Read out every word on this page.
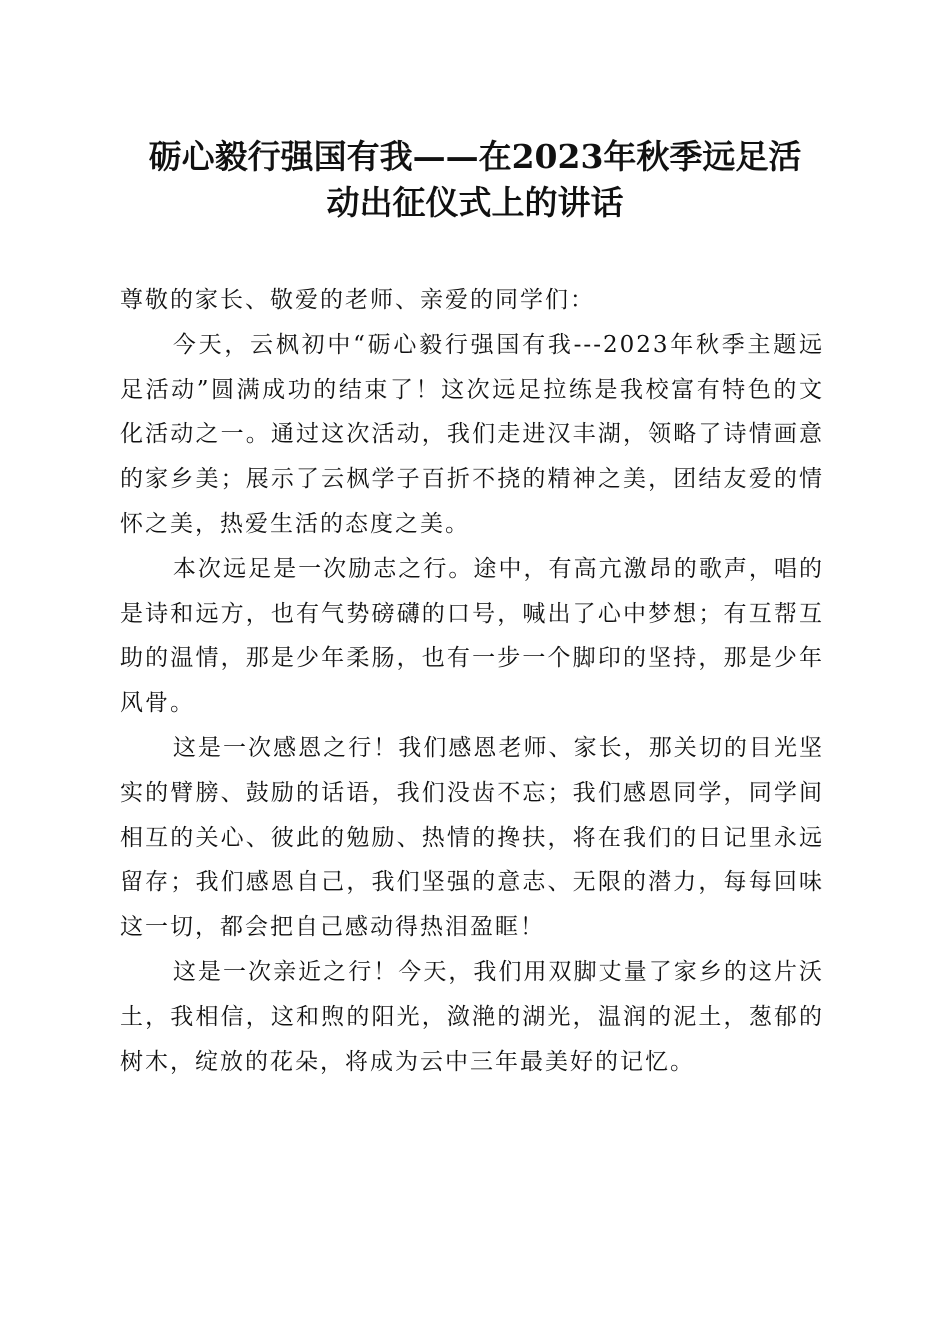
砺心毅行强国有我——在2023年秋季远足活
动出征仪式上的讲话

尊敬的家长、敬爱的老师、亲爱的同学们：

今天，云枫初中“砺心毅行强国有我---2023年秋季主题远足活动”圆满成功的结束了！这次远足拉练是我校富有特色的文化活动之一。通过这次活动，我们走进汉丰湖，领略了诗情画意的家乡美；展示了云枫学子百折不挠的精神之美，团结友爱的情怀之美，热爱生活的态度之美。

本次远足是一次励志之行。途中，有高亢激昂的歌声，唱的是诗和远方，也有气势磅礴的口号，喊出了心中梦想；有互帮互助的温情，那是少年柔肠，也有一步一个脚印的坚持，那是少年风骨。

这是一次感恩之行！我们感恩老师、家长，那关切的目光坚实的臂膀、鼓励的话语，我们没齿不忘；我们感恩同学，同学间相互的关心、彼此的勉励、热情的搀扶，将在我们的日记里永远留存；我们感恩自己，我们坚强的意志、无限的潜力，每每回味这一切，都会把自己感动得热泪盈眶！

这是一次亲近之行！今天，我们用双脚丈量了家乡的这片沃土，我相信，这和煦的阳光，潋滟的湖光，温润的泥土，葱郁的树木，绽放的花朵，将成为云中三年最美好的记忆。
